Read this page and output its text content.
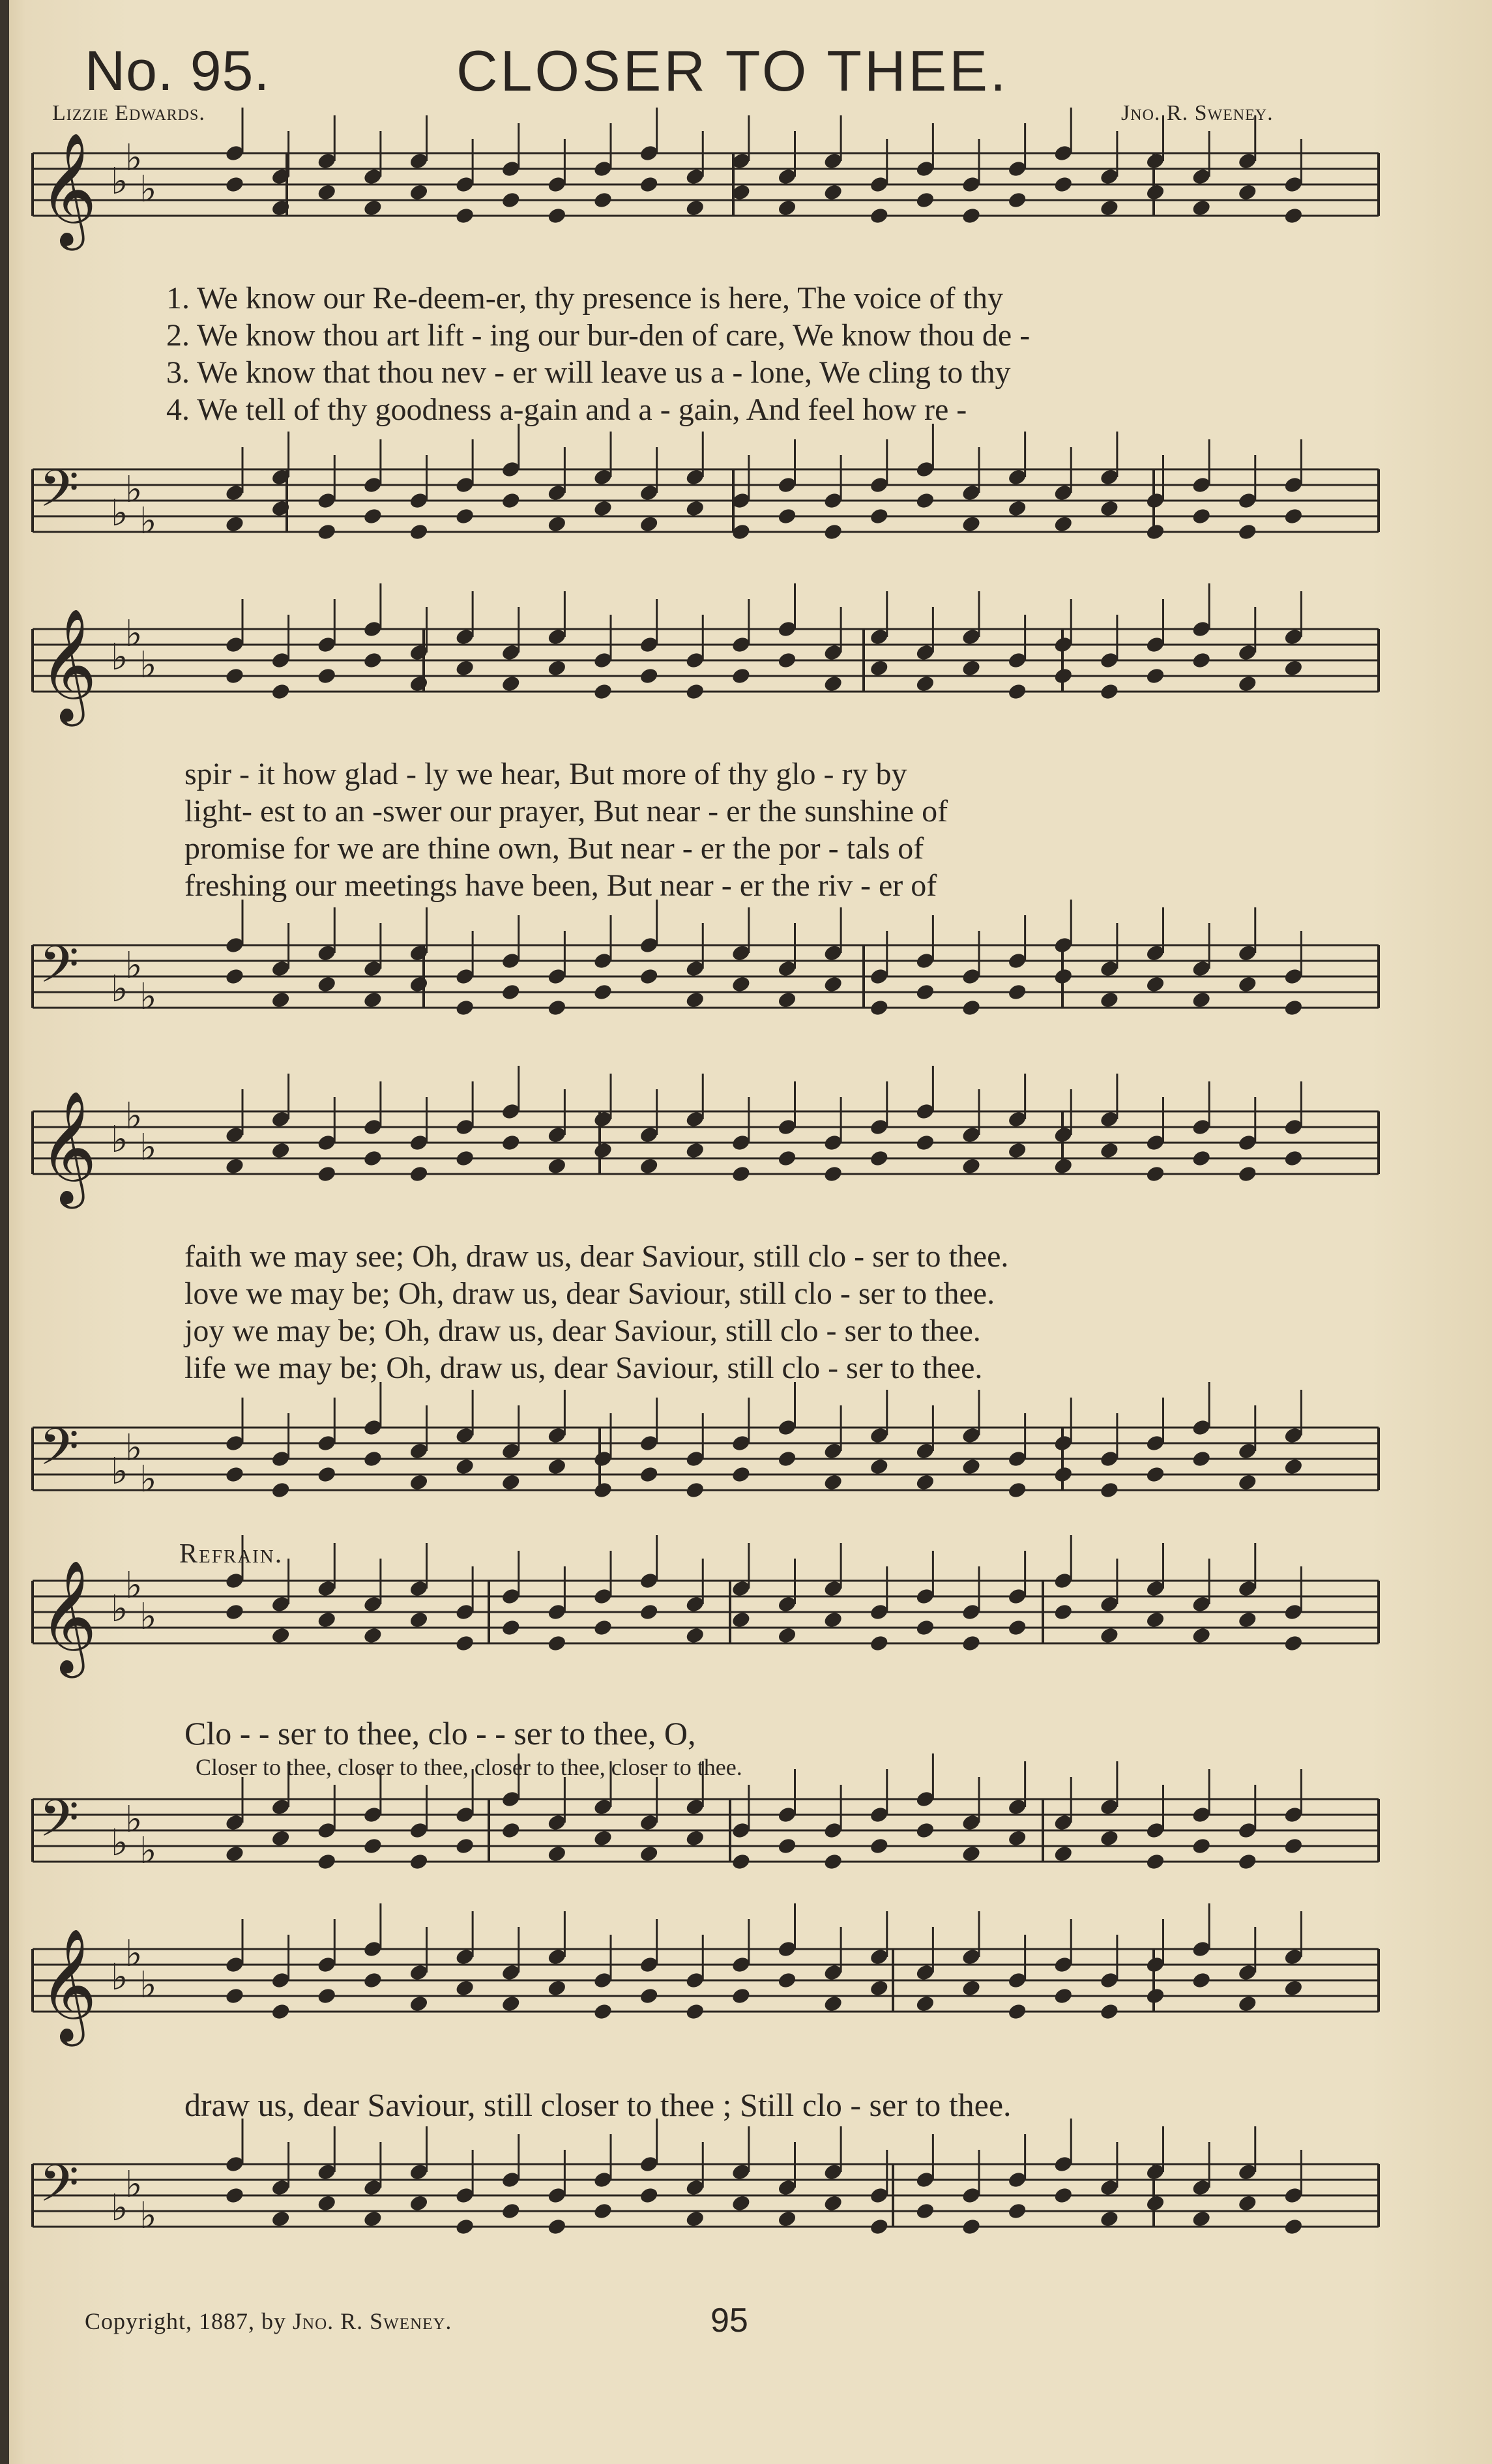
No. 95.	CLOSER TO THEE.
Lizzie Edwards.	Jno. R. Sweney.
𝄞 ♭
♭
♭
𝄢 ♭
♭
♭
𝄞 ♭
♭
♭
𝄢 ♭
♭
♭
𝄞 ♭
♭
♭
𝄢 ♭
♭
♭
𝄞 ♭
♭
♭
𝄢 ♭
♭
♭
𝄞 ♭
♭
♭
𝄢 ♭
♭
♭
1. We know our Re-deem-er, thy presence is here, The voice of thy
2. We know thou art lift - ing our bur-den of care, We know thou de -
3. We know that thou nev - er will leave us a - lone, We cling to thy
4. We tell of thy goodness a-gain and a - gain, And feel how re -
spir - it how glad - ly we hear, But more of thy glo - ry by
light- est to an -swer our prayer, But near - er the sunshine of
promise for we are thine own, But near - er the por - tals of
freshing our meetings have been, But near - er the riv - er of
faith we may see; Oh, draw us, dear Saviour, still clo - ser to thee.
love we may be; Oh, draw us, dear Saviour, still clo - ser to thee.
joy we may be; Oh, draw us, dear Saviour, still clo - ser to thee.
life we may be; Oh, draw us, dear Saviour, still clo - ser to thee.
Refrain.
Clo - - ser to thee, clo - - ser to thee, O,
Closer to thee, closer to thee, closer to thee, closer to thee.
draw us, dear Saviour, still closer to thee ; Still clo - ser to thee.
Copyright, 1887, by Jno. R. Sweney.	95
